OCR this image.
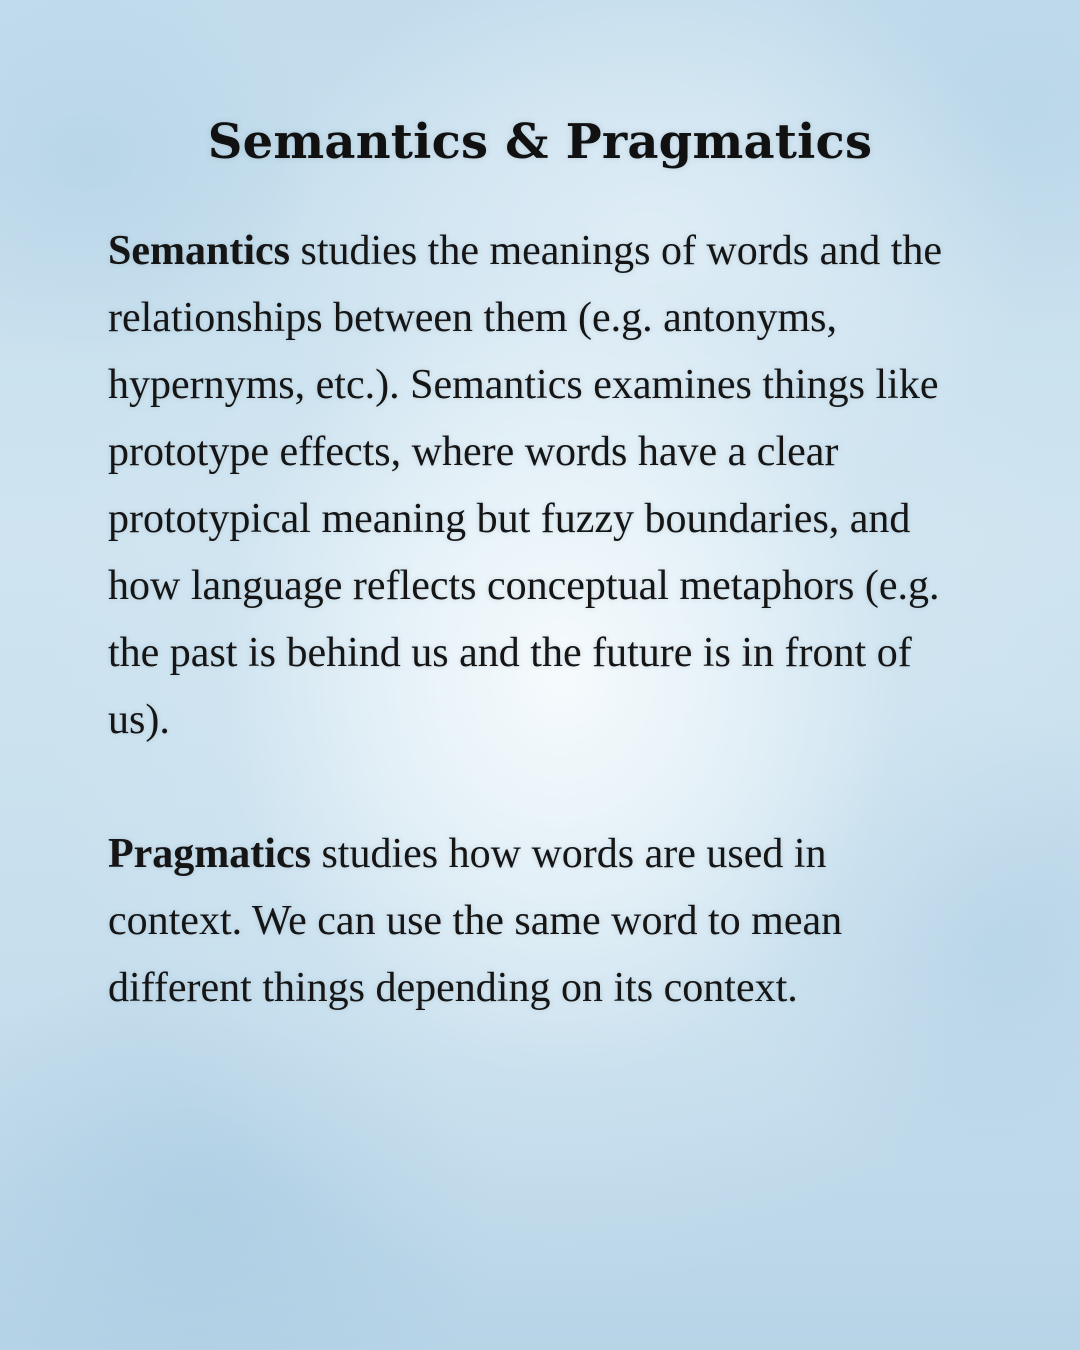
Semantics & Pragmatics

Semantics studies the meanings of words and the relationships between them (e.g. antonyms, hypernyms, etc.). Semantics examines things like prototype effects, where words have a clear prototypical meaning but fuzzy boundaries, and how language reflects conceptual metaphors (e.g. the past is behind us and the future is in front of us).

Pragmatics studies how words are used in context. We can use the same word to mean different things depending on its context.
